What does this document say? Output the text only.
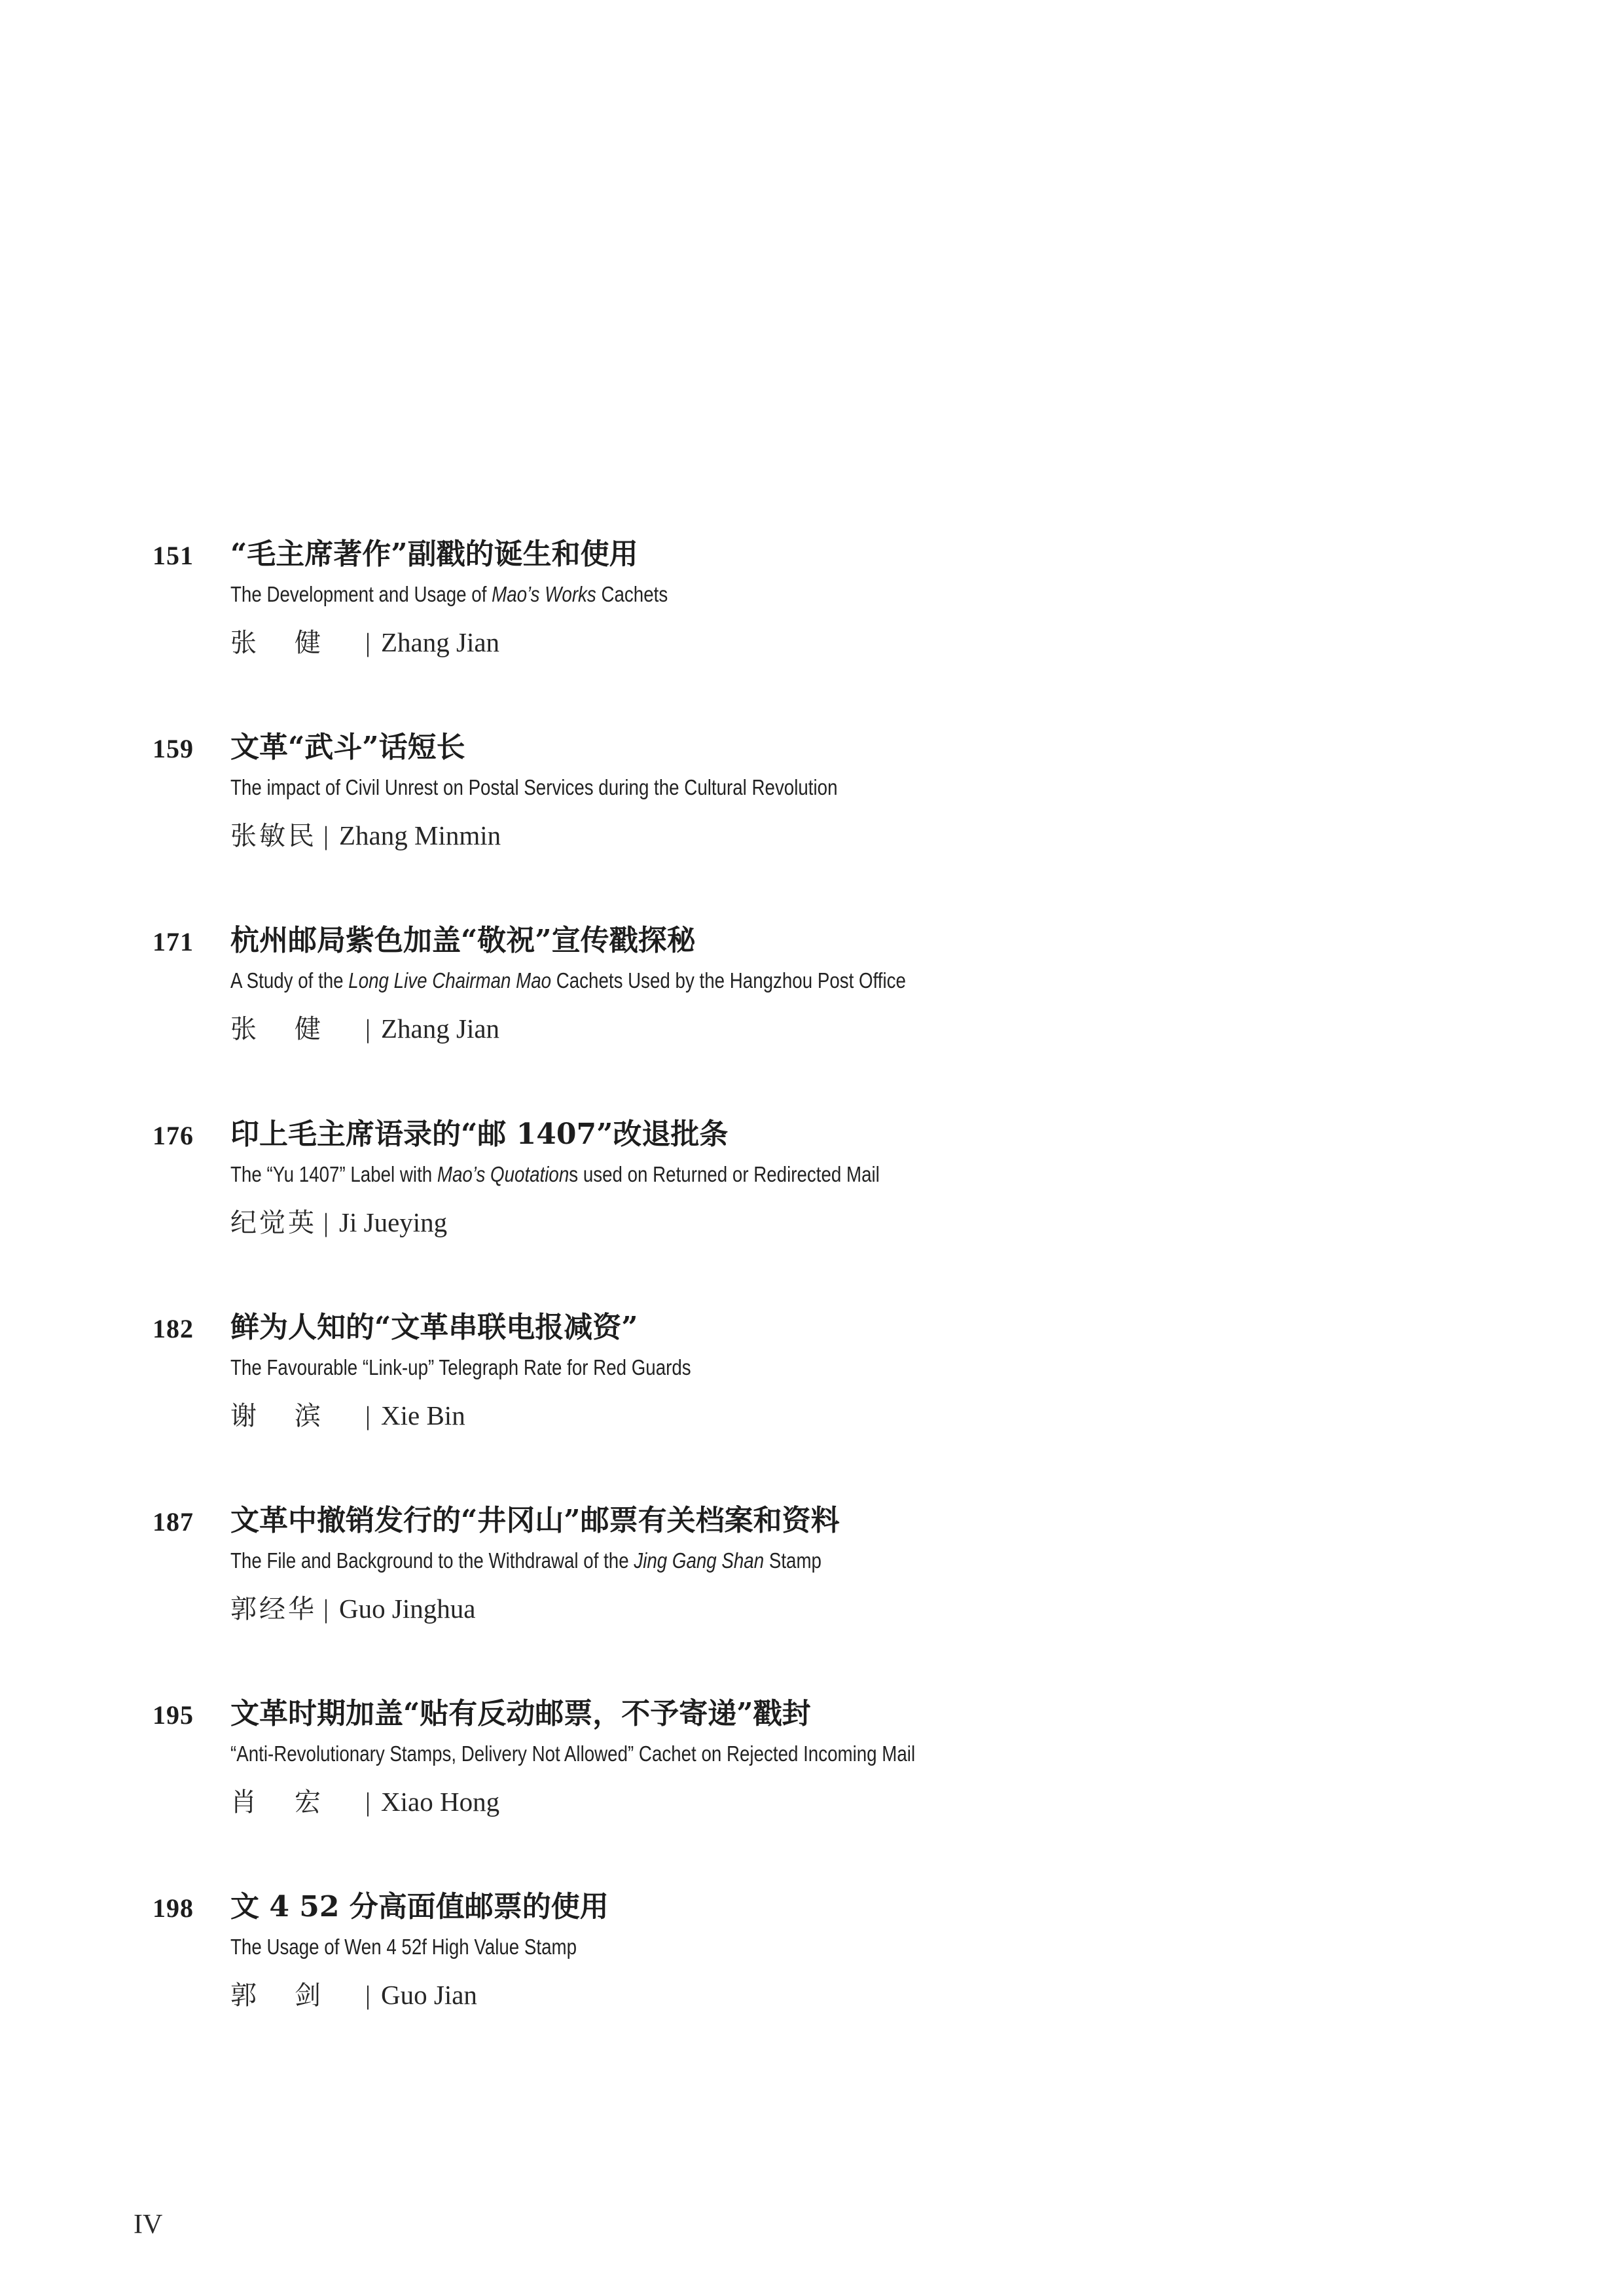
151 “毛主席著作”副戳的诞生和使用
The Development and Usage of Mao’s Works Cachets
张健 | Zhang Jian
159 文革“武斗”话短长
The impact of Civil Unrest on Postal Services during the Cultural Revolution
张敏民 | Zhang Minmin
171 杭州邮局紫色加盖“敬祝”宣传戳探秘
A Study of the Long Live Chairman Mao Cachets Used by the Hangzhou Post Office
张健 | Zhang Jian
176 印上毛主席语录的“邮 1407”改退批条
The “Yu 1407” Label with Mao’s Quotations used on Returned or Redirected Mail
纪觉英 | Ji Jueying
182 鲜为人知的“文革串联电报减资”
The Favourable “Link-up” Telegraph Rate for Red Guards
谢滨 | Xie Bin
187 文革中撤销发行的“井冈山”邮票有关档案和资料
The File and Background to the Withdrawal of the Jing Gang Shan Stamp
郭经华 | Guo Jinghua
195 文革时期加盖“贴有反动邮票，不予寄递”戳封
“Anti-Revolutionary Stamps, Delivery Not Allowed” Cachet on Rejected Incoming Mail
肖宏 | Xiao Hong
198 文 4 52 分高面值邮票的使用
The Usage of Wen 4 52f High Value Stamp
郭剑 | Guo Jian
IV
